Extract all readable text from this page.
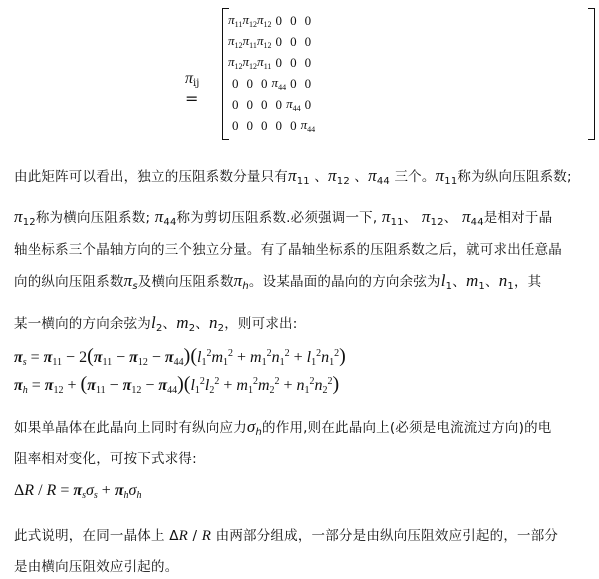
$\pi_{ij}$ =
$\pi_{11}$	$\pi_{12}$	$\pi_{12}$	0	0	0
$\pi_{12}$	$\pi_{11}$	$\pi_{12}$	0	0	0
$\pi_{12}$	$\pi_{12}$	$\pi_{11}$	0	0	0
0	0	0	$\pi_{44}$	0	0
0	0	0	0	$\pi_{44}$	0
0	0	0	0	0	$\pi_{44}$
由此矩阵可以看出，独立的压阻系数分量只有$\pi_{11}$ 、$\pi_{12}$ 、$\pi_{44}$ 三个。$\pi_{11}$称为纵向压阻系数;
$\pi_{12}$称为横向压阻系数; $\pi_{44}$称为剪切压阻系数.必须强调一下, $\pi_{11}$、 $\pi_{12}$、 $\pi_{44}$是相对于晶
轴坐标系三个晶轴方向的三个独立分量。有了晶轴坐标系的压阻系数之后，就可求出任意晶
向的纵向压阻系数$\pi_s$及横向压阻系数$\pi_h$。设某晶面的晶向的方向余弦为$l_1$、$m_1$、$n_1$，其
某一横向的方向余弦为$l_2$、$m_2$、$n_2$，则可求出:
$\pi_s = \pi_{11} - 2(\pi_{11} - \pi_{12} - \pi_{44})(l_1^2m_1^2 + m_1^2n_1^2 + l_1^2n_1^2)$
$\pi_h = \pi_{12} + (\pi_{11} - \pi_{12} - \pi_{44})(l_1^2l_2^2 + m_1^2m_2^2 + n_1^2n_2^2)$
如果单晶体在此晶向上同时有纵向应力$\sigma_h$的作用,则在此晶向上(必须是电流流过方向)的电
阻率相对变化，可按下式求得:
$\Delta R / R = \pi_s\sigma_s + \pi_h\sigma_h$
此式说明，在同一晶体上 ΔR / R 由两部分组成，一部分是由纵向压阻效应引起的，一部分
是由横向压阻效应引起的。
